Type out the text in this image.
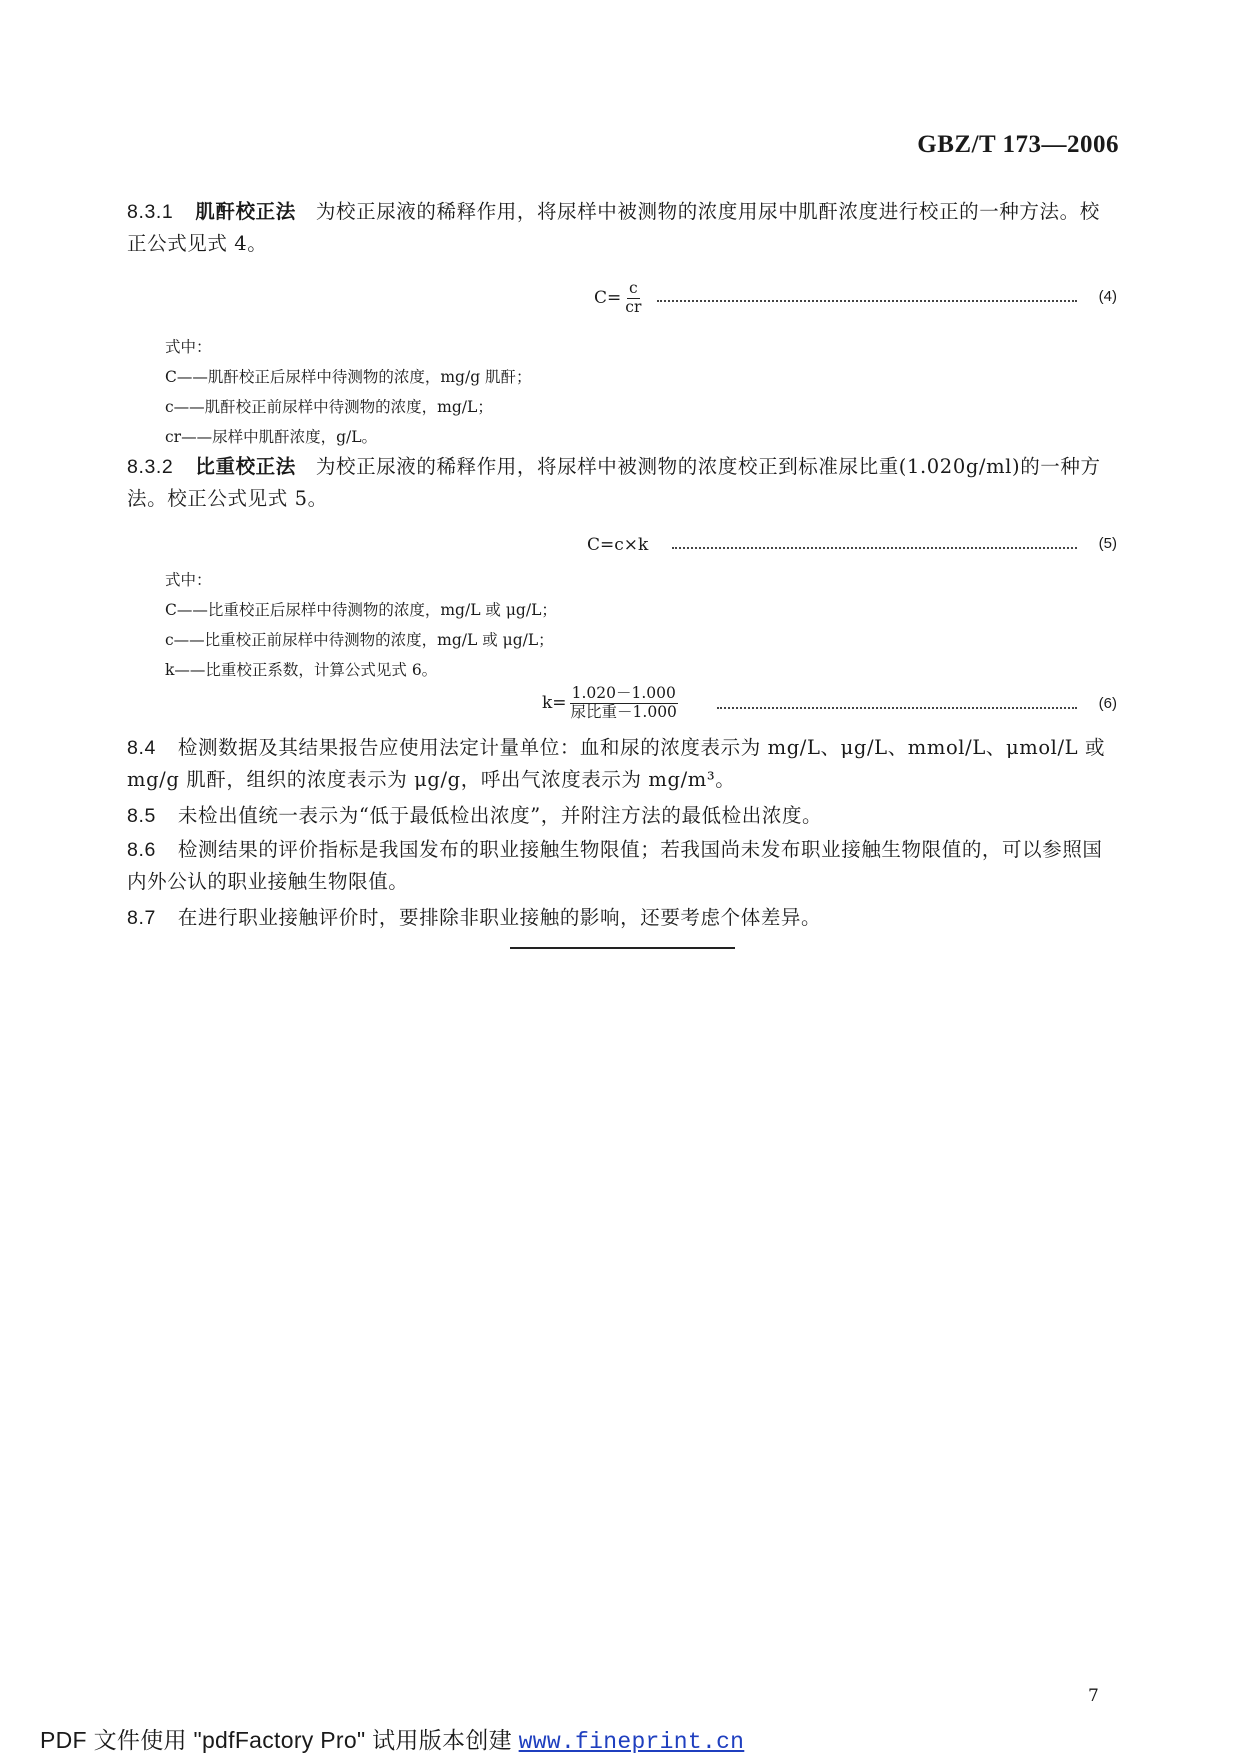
GBZ/T 173—2006
8.3.1 肌酐校正法 为校正尿液的稀释作用，将尿样中被测物的浓度用尿中肌酐浓度进行校正的一种方法。校正公式见式 4。
$C= \frac{c}{cr}$	(4)
式中：
C——肌酐校正后尿样中待测物的浓度，mg/g 肌酐；
c——肌酐校正前尿样中待测物的浓度，mg/L；
cr——尿样中肌酐浓度，g/L。
8.3.2 比重校正法 为校正尿液的稀释作用，将尿样中被测物的浓度校正到标准尿比重(1.020g/ml)的一种方法。校正公式见式 5。
C=c×k	(5)
式中：
C——比重校正后尿样中待测物的浓度，mg/L 或 μg/L；
c——比重校正前尿样中待测物的浓度，mg/L 或 μg/L；
k——比重校正系数，计算公式见式 6。
$k= \frac{1.020-1.000}{\text{尿比重－1.000}}$	(6)
8.4 检测数据及其结果报告应使用法定计量单位：血和尿的浓度表示为 mg/L、μg/L、mmol/L、μmol/L 或 mg/g 肌酐，组织的浓度表示为 μg/g，呼出气浓度表示为 mg/m³。
8.5 未检出值统一表示为“低于最低检出浓度”，并附注方法的最低检出浓度。
8.6 检测结果的评价指标是我国发布的职业接触生物限值；若我国尚未发布职业接触生物限值的，可以参照国内外公认的职业接触生物限值。
8.7 在进行职业接触评价时，要排除非职业接触的影响，还要考虑个体差异。
7
PDF 文件使用 "pdfFactory Pro" 试用版本创建 www.fineprint.cn
